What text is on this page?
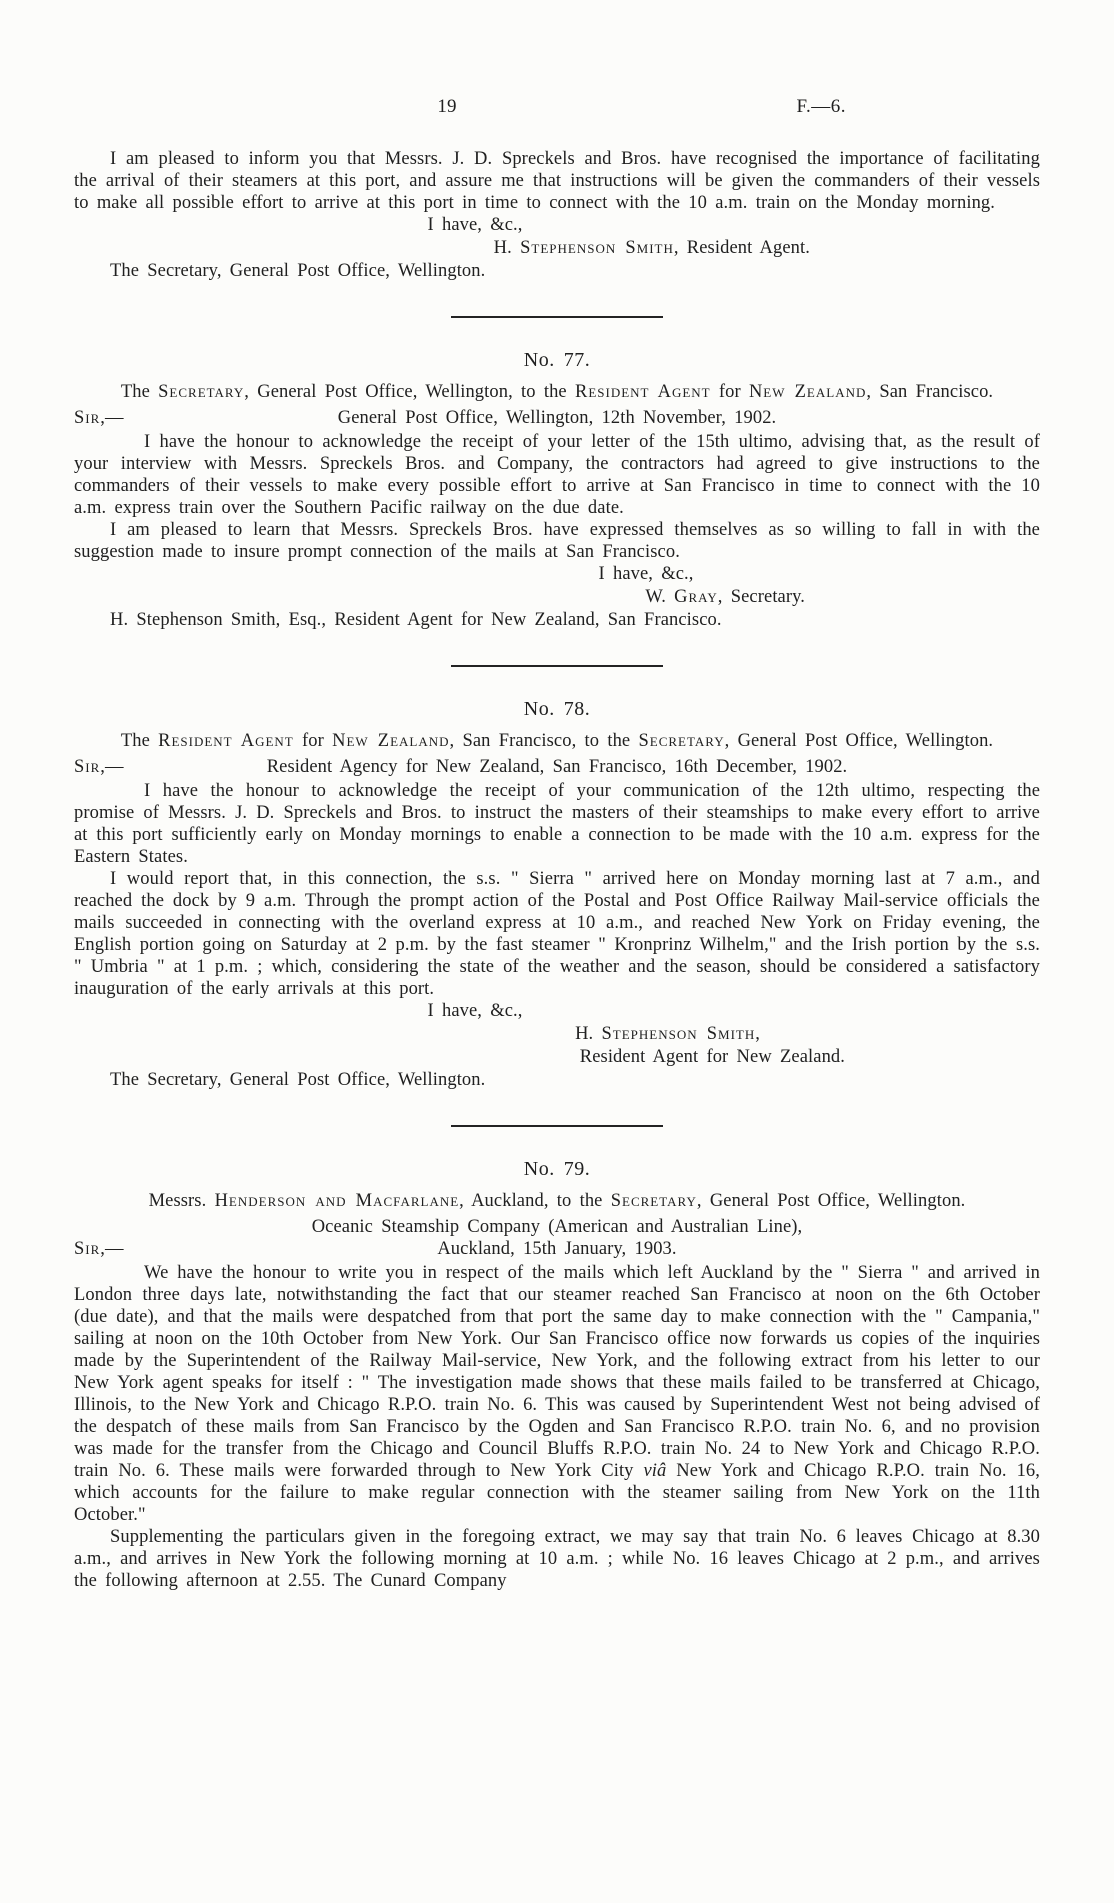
19	F.—6.

I am pleased to inform you that Messrs. J. D. Spreckels and Bros. have recognised the importance of facilitating the arrival of their steamers at this port, and assure me that instructions will be given the commanders of their vessels to make all possible effort to arrive at this port in time to connect with the 10 a.m. train on the Monday morning.

I have, &c.,

H. Stephenson Smith, Resident Agent.

The Secretary, General Post Office, Wellington.

No. 77.

The Secretary, General Post Office, Wellington, to the Resident Agent for New Zealand, San Francisco.

Sir,—	General Post Office, Wellington, 12th November, 1902.

I have the honour to acknowledge the receipt of your letter of the 15th ultimo, advising that, as the result of your interview with Messrs. Spreckels Bros. and Company, the contractors had agreed to give instructions to the commanders of their vessels to make every possible effort to arrive at San Francisco in time to connect with the 10 a.m. express train over the Southern Pacific railway on the due date.

I am pleased to learn that Messrs. Spreckels Bros. have expressed themselves as so willing to fall in with the suggestion made to insure prompt connection of the mails at San Francisco.

I have, &c.,

W. Gray, Secretary.

H. Stephenson Smith, Esq., Resident Agent for New Zealand, San Francisco.

No. 78.

The Resident Agent for New Zealand, San Francisco, to the Secretary, General Post Office, Wellington.

Sir,—	Resident Agency for New Zealand, San Francisco, 16th December, 1902.

I have the honour to acknowledge the receipt of your communication of the 12th ultimo, respecting the promise of Messrs. J. D. Spreckels and Bros. to instruct the masters of their steamships to make every effort to arrive at this port sufficiently early on Monday mornings to enable a connection to be made with the 10 a.m. express for the Eastern States.

I would report that, in this connection, the s.s. " Sierra " arrived here on Monday morning last at 7 a.m., and reached the dock by 9 a.m. Through the prompt action of the Postal and Post Office Railway Mail-service officials the mails succeeded in connecting with the overland express at 10 a.m., and reached New York on Friday evening, the English portion going on Saturday at 2 p.m. by the fast steamer " Kronprinz Wilhelm," and the Irish portion by the s.s. " Umbria " at 1 p.m. ; which, considering the state of the weather and the season, should be considered a satisfactory inauguration of the early arrivals at this port.

I have, &c.,

H. Stephenson Smith,

Resident Agent for New Zealand.

The Secretary, General Post Office, Wellington.

No. 79.

Messrs. Henderson and Macfarlane, Auckland, to the Secretary, General Post Office, Wellington.

Oceanic Steamship Company (American and Australian Line),

Sir,—	Auckland, 15th January, 1903.

We have the honour to write you in respect of the mails which left Auckland by the " Sierra " and arrived in London three days late, notwithstanding the fact that our steamer reached San Francisco at noon on the 6th October (due date), and that the mails were despatched from that port the same day to make connection with the " Campania," sailing at noon on the 10th October from New York. Our San Francisco office now forwards us copies of the inquiries made by the Superintendent of the Railway Mail-service, New York, and the following extract from his letter to our New York agent speaks for itself : " The investigation made shows that these mails failed to be transferred at Chicago, Illinois, to the New York and Chicago R.P.O. train No. 6. This was caused by Superintendent West not being advised of the despatch of these mails from San Francisco by the Ogden and San Francisco R.P.O. train No. 6, and no provision was made for the transfer from the Chicago and Council Bluffs R.P.O. train No. 24 to New York and Chicago R.P.O. train No. 6. These mails were forwarded through to New York City viâ New York and Chicago R.P.O. train No. 16, which accounts for the failure to make regular connection with the steamer sailing from New York on the 11th October."

Supplementing the particulars given in the foregoing extract, we may say that train No. 6 leaves Chicago at 8.30 a.m., and arrives in New York the following morning at 10 a.m. ; while No. 16 leaves Chicago at 2 p.m., and arrives the following afternoon at 2.55. The Cunard Company
